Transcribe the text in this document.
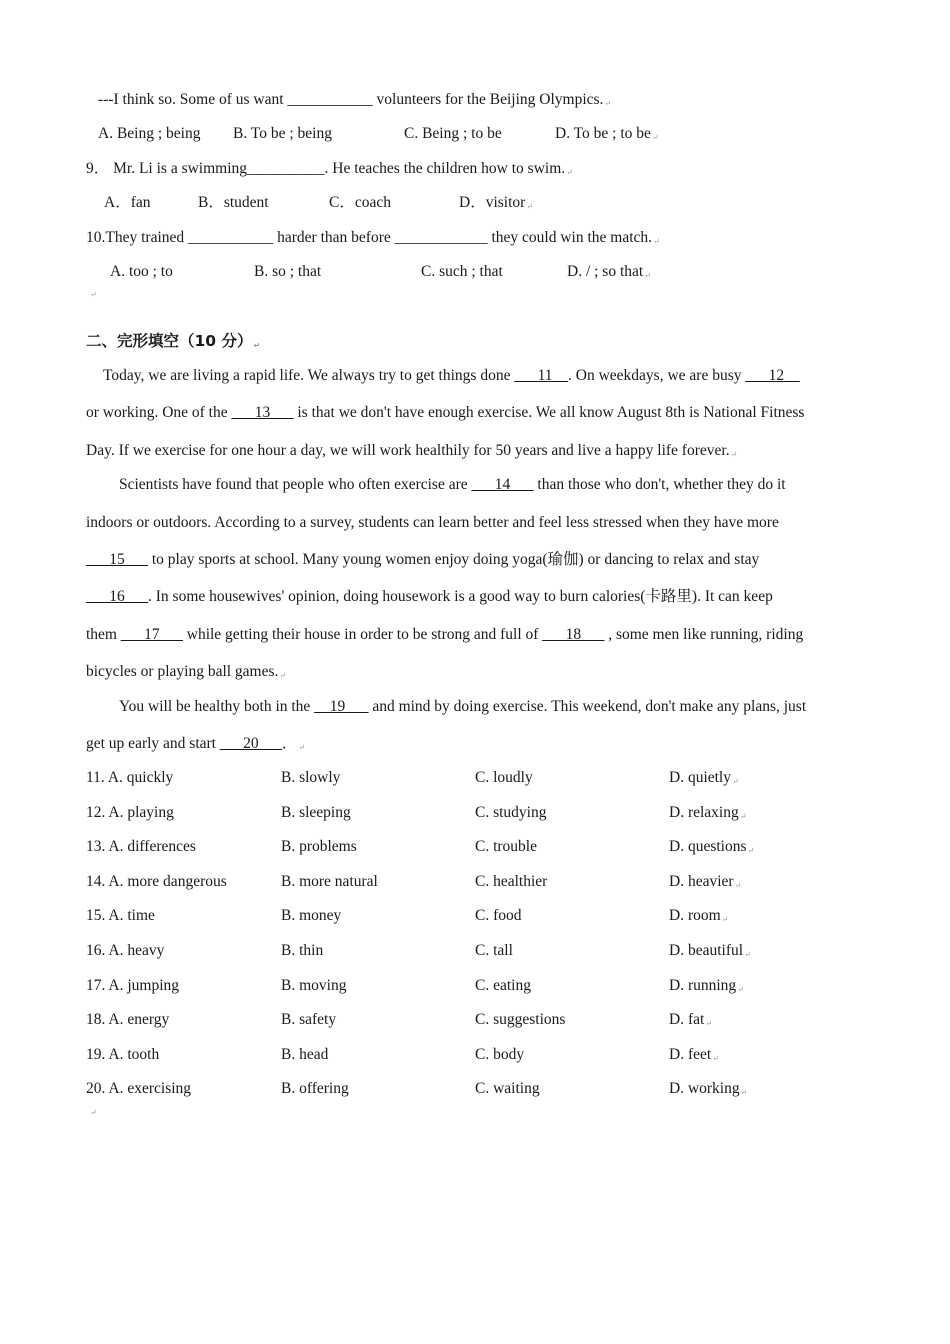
---I think so. Some of us want ___________ volunteers for the Beijing Olympics.↵
A. Being ; being B. To be ; being	C. Being ; to be	D. To be ; to be↵
9． Mr. Li is a swimming__________. He teaches the children how to swim.↵
A．fan	B．student	C．coach	D．visitor↵
10.They trained ___________ harder than before ____________ they could win the match.↵
A. too ; to	B. so ; that	C. such ; that	D. / ; so that↵
↵
二、完形填空（10 分）↵
Today, we are living a rapid life. We always try to get things done ___11__. On weekdays, we are busy ___12__
or working. One of the ___13___ is that we don't have enough exercise. We all know August 8th is National Fitness
Day. If we exercise for one hour a day, we will work healthily for 50 years and live a happy life forever.↵
Scientists have found that people who often exercise are ___14___ than those who don't, whether they do it
indoors or outdoors. According to a survey, students can learn better and feel less stressed when they have more
___15___ to play sports at school. Many young women enjoy doing yoga(瑜伽) or dancing to relax and stay
___16___. In some housewives' opinion, doing housework is a good way to burn calories(卡路里). It can keep
them ___17___ while getting their house in order to be strong and full of ___18___ , some men like running, riding
bicycles or playing ball games.↵
You will be healthy both in the __19___ and mind by doing exercise. This weekend, don't make any plans, just
get up early and start ___20___．↵
11. A. quickly	B. slowly	C. loudly	D. quietly↵
12. A. playing	B. sleeping	C. studying	D. relaxing↵
13. A. differences	B. problems	C. trouble	D. questions↵
14. A. more dangerous	B. more natural	C. healthier	D. heavier↵
15. A. time	B. money	C. food	D. room↵
16. A. heavy	B. thin	C. tall	D. beautiful↵
17. A. jumping	B. moving	C. eating	D. running↵
18. A. energy	B. safety	C. suggestions	D. fat↵
19. A. tooth	B. head	C. body	D. feet↵
20. A. exercising	B. offering	C. waiting	D. working↵
↵
